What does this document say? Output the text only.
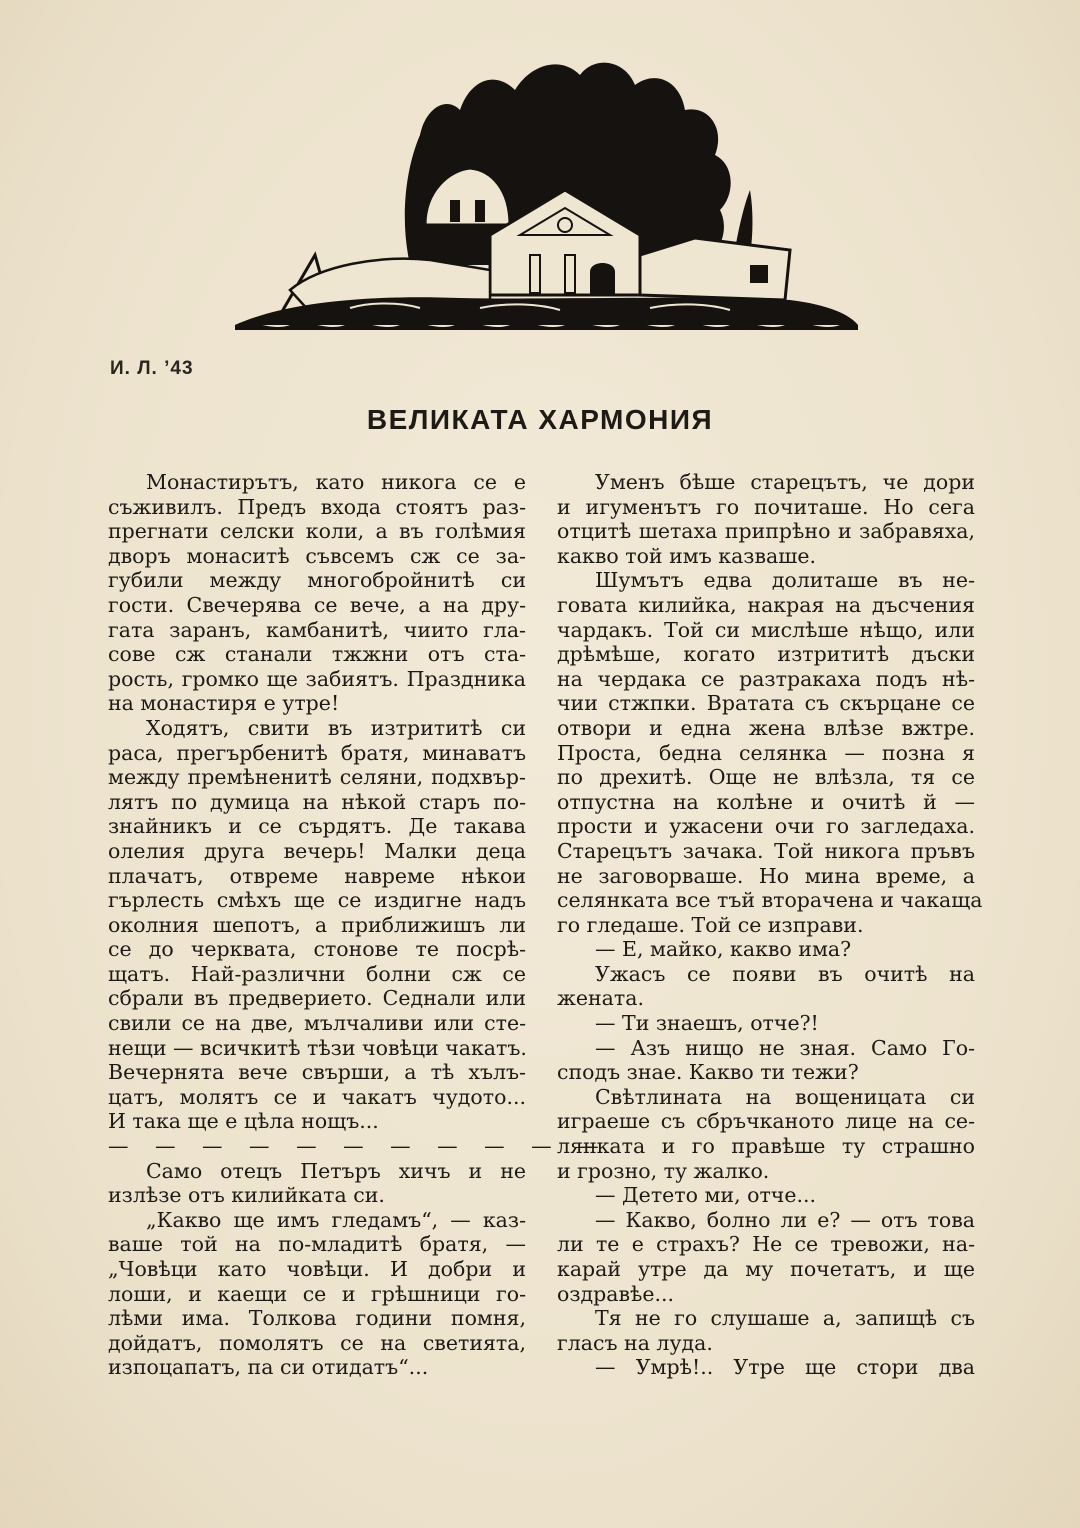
И. Л. ’43
ВЕЛИКАТА ХАРМОНИЯ
Монастирътъ, като никога се е
съживилъ. Предъ входа стоятъ раз-
прегнати селски коли, а въ голѣмия
дворъ монаситѣ съвсемъ сж се за-
губили между многобройнитѣ си
гости. Свечерява се вече, а на дру-
гата заранъ, камбанитѣ, чиито гла-
сове сж станали тжжни отъ ста-
рость, громко ще забиятъ. Праздника
на монастиря е утре!
Ходятъ, свити въ изтрититѣ си
раса, прегърбенитѣ братя, минаватъ
между премѣненитѣ селяни, подхвър-
лятъ по думица на нѣкой старъ по-
знайникъ и се сърдятъ. Де такава
олелия друга вечерь! Малки деца
плачатъ, отвреме навреме нѣкои
гърлесть смѣхъ ще се издигне надъ
околния шепотъ, а приближишъ ли
се до черквата, стонове те посрѣ-
щатъ. Най-различни болни сж се
сбрали въ предверието. Седнали или
свили се на две, мълчаливи или сте-
нещи — всичкитѣ тѣзи човѣци чакатъ.
Вечернята вече свърши, а тѣ хълъ-
цатъ, молятъ се и чакатъ чудото...
И така ще е цѣла нощъ...
— — — — — — — — — — —
Само отецъ Петъръ хичъ и не
излѣзе отъ килийката си.
„Какво ще имъ гледамъ“, — каз-
ваше той на по-младитѣ братя, —
„Човѣци като човѣци. И добри и
лоши, и каещи се и грѣшници го-
лѣми има. Толкова години помня,
дойдатъ, помолятъ се на светията,
изпоцапатъ, па си отидатъ“...
Уменъ бѣше старецътъ, че дори
и игуменътъ го почиташе. Но сега
отцитѣ шетаха припрѣно и забравяха,
какво той имъ казваше.
Шумътъ едва долиташе въ не-
говата килийка, накрая на дъсчения
чардакъ. Той си мислѣше нѣщо, или
дрѣмѣше, когато изтрититѣ дъски
на чердака се разтракаха подъ нѣ-
чии стжпки. Вратата съ скърцане се
отвори и една жена влѣзе вжтре.
Проста, бедна селянка — позна я
по дрехитѣ. Още не влѣзла, тя се
отпустна на колѣне и очитѣ й —
прости и ужасени очи го загледаха.
Старецътъ зачака. Той никога пръвъ
не заговорваше. Но мина време, а
селянката все тъй вторачена и чакаща
го гледаше. Той се изправи.
— Е, майко, какво има?
Ужасъ се появи въ очитѣ на
жената.
— Ти знаешъ, отче?!
— Азъ нищо не зная. Само Го-
сподъ знае. Какво ти тежи?
Свѣтлината на вощеницата си
играеше съ сбръчканото лице на се-
лянката и го правѣше ту страшно
и грозно, ту жалко.
— Детето ми, отче...
— Какво, болно ли е? — отъ това
ли те е страхъ? Не се тревожи, на-
карай утре да му почетатъ, и ще
оздравѣе...
Тя не го слушаше а, запищѣ съ
гласъ на луда.
— Умрѣ!.. Утре ще стори два
